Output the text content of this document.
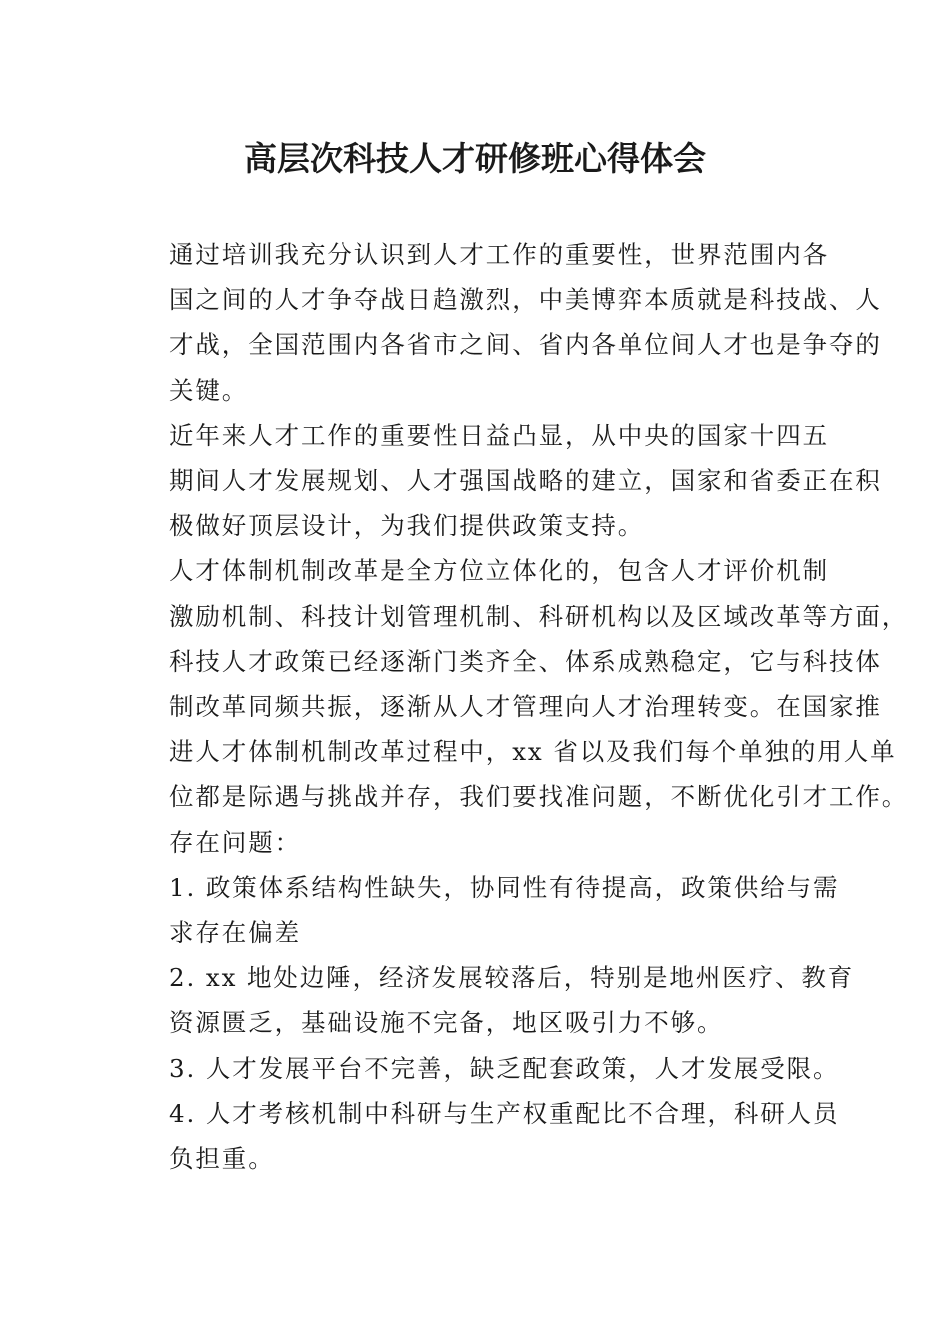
高层次科技人才研修班心得体会

通过培训我充分认识到人才工作的重要性，世界范围内各
国之间的人才争夺战日趋激烈，中美博弈本质就是科技战、人
才战，全国范围内各省市之间、省内各单位间人才也是争夺的
关键。

近年来人才工作的重要性日益凸显，从中央的国家十四五
期间人才发展规划、人才强国战略的建立，国家和省委正在积
极做好顶层设计，为我们提供政策支持。

人才体制机制改革是全方位立体化的，包含人才评价机制
激励机制、科技计划管理机制、科研机构以及区域改革等方面，
科技人才政策已经逐渐门类齐全、体系成熟稳定，它与科技体
制改革同频共振，逐渐从人才管理向人才治理转变。在国家推
进人才体制机制改革过程中，xx 省以及我们每个单独的用人单
位都是际遇与挑战并存，我们要找准问题，不断优化引才工作。

存在问题：

1. 政策体系结构性缺失，协同性有待提高，政策供给与需
求存在偏差

2. xx 地处边陲，经济发展较落后，特别是地州医疗、教育
资源匮乏，基础设施不完备，地区吸引力不够。

3. 人才发展平台不完善，缺乏配套政策，人才发展受限。

4. 人才考核机制中科研与生产权重配比不合理，科研人员
负担重。
